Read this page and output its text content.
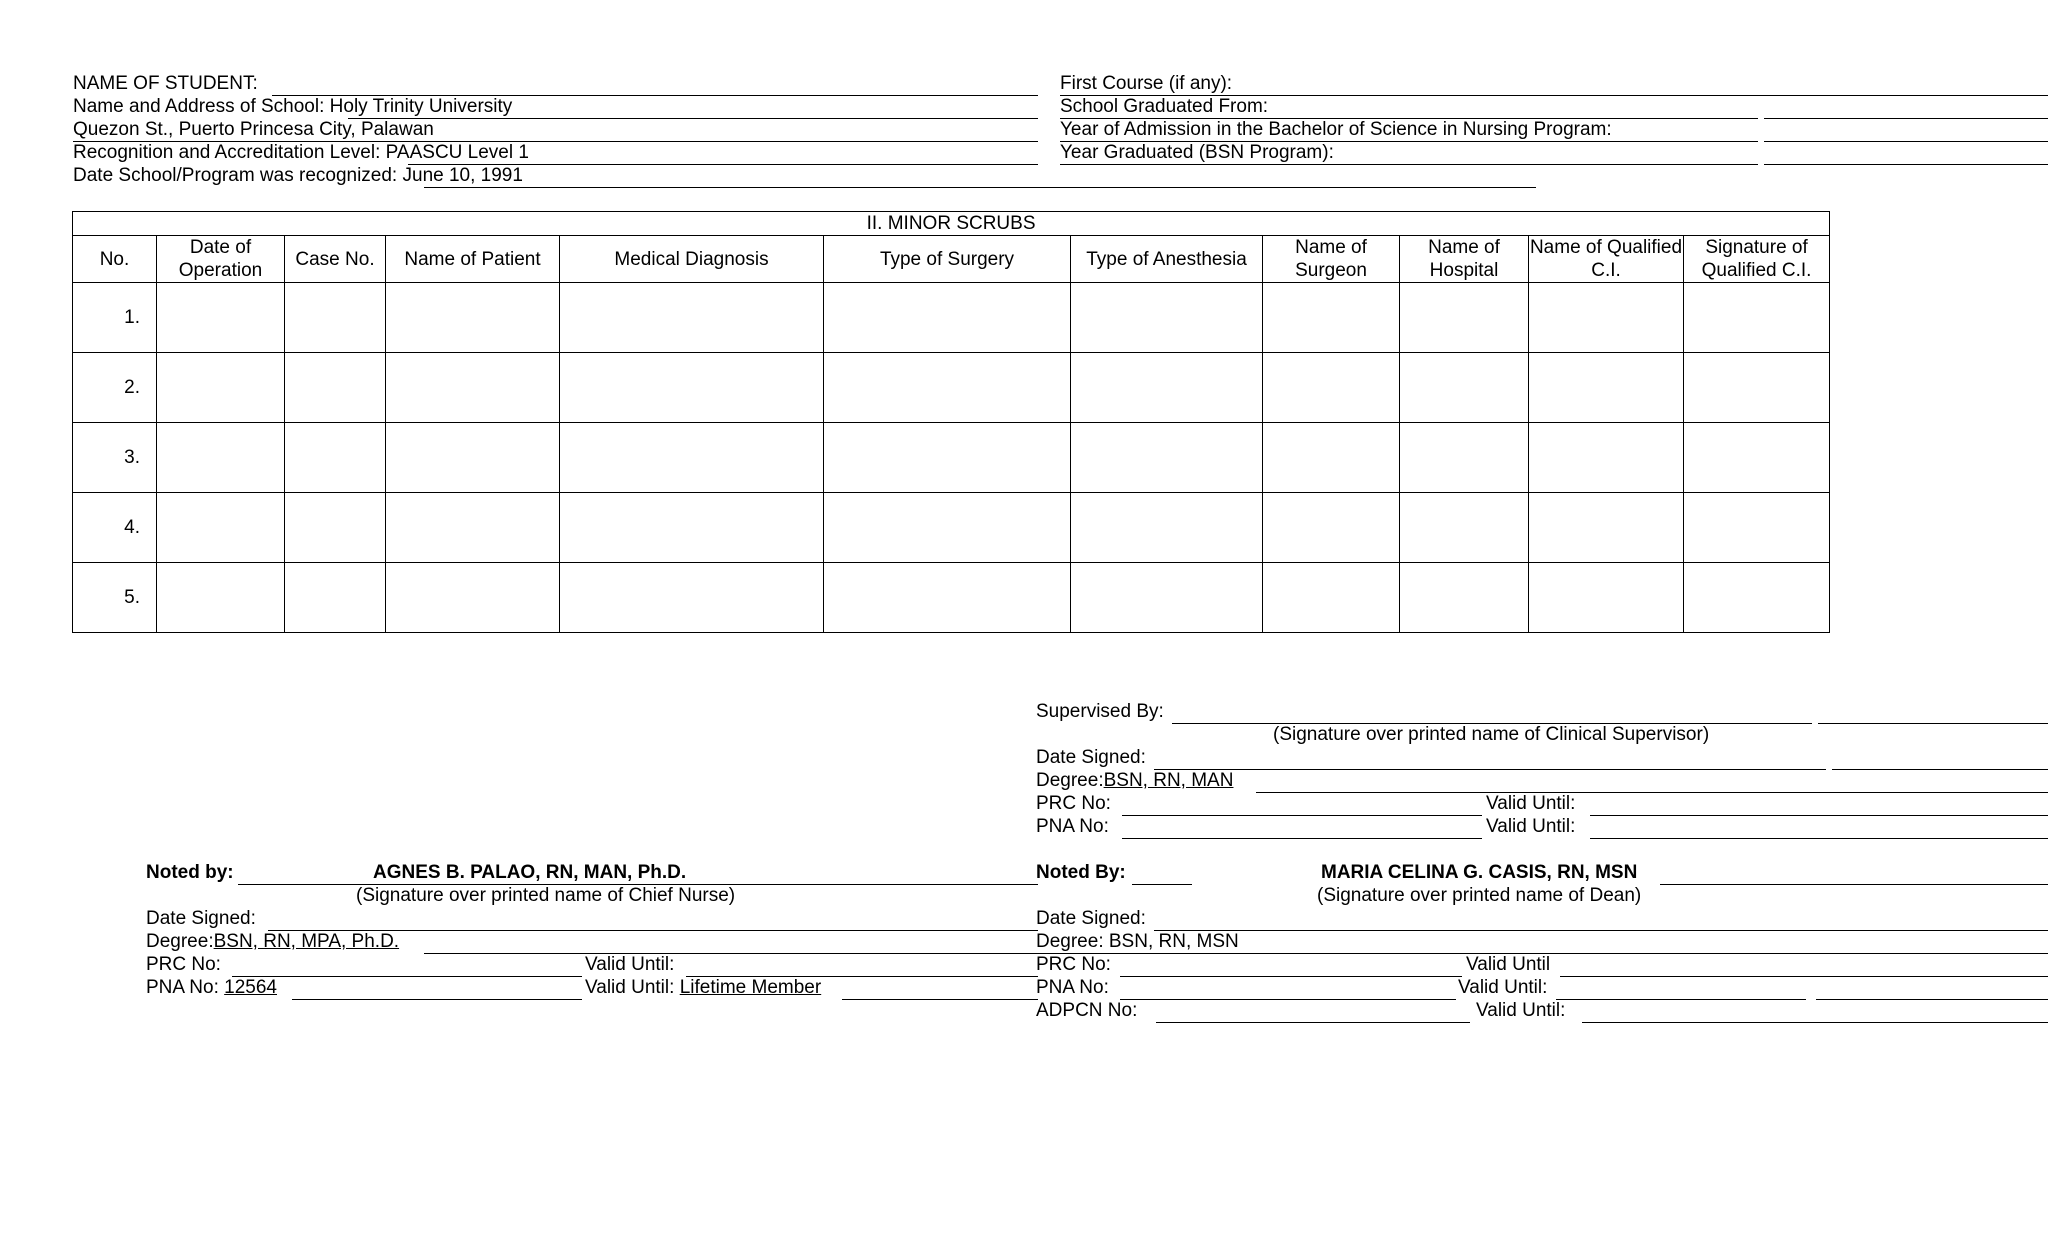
NAME OF STUDENT:
Name and Address of School: Holy Trinity University
Quezon St., Puerto Princesa City, Palawan
Recognition and Accreditation Level: PAASCU Level 1
Date School/Program was recognized: June 10, 1991
First Course (if any):
School Graduated From:
Year of Admission in the Bachelor of Science in Nursing Program:
Year Graduated (BSN Program):
II. MINOR SCRUBS										
No.	Date of Operation	Case No.	Name of Patient	Medical Diagnosis	Type of Surgery	Type of Anesthesia	Name of Surgeon	Name of Hospital	Name of Qualified C.I.	Signature of Qualified C.I.
1.										
2.										
3.										
4.										
5.										
Supervised By:
(Signature over printed name of Clinical Supervisor)
Date Signed:
Degree:BSN, RN, MAN
PRC No:	Valid Until:
PNA No:	Valid Until:
Noted by:	AGNES B. PALAO, RN, MAN, Ph.D.
(Signature over printed name of Chief Nurse)
Date Signed:
Degree:BSN, RN, MPA, Ph.D.
PRC No:	Valid Until:
PNA No: 12564	Valid Until: Lifetime Member
Noted By:	MARIA CELINA G. CASIS, RN, MSN
(Signature over printed name of Dean)
Date Signed:
Degree: BSN, RN, MSN
PRC No:	Valid Until
PNA No:	Valid Until:
ADPCN No:	Valid Until:
